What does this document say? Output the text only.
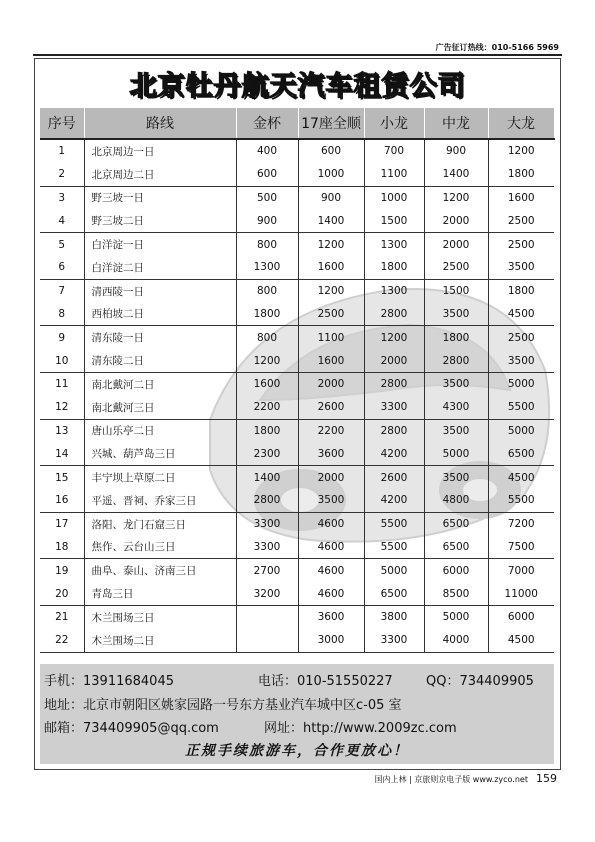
广告征订热线：010-5166 5969
北京牡丹航天汽车租赁公司
序号	路线	金杯	17座全顺	小龙	中龙	大龙
1	北京周边一日	400	600	700	900	1200
2	北京周边二日	600	1000	1100	1400	1800
3	野三坡一日	500	900	1000	1200	1600
4	野三坡二日	900	1400	1500	2000	2500
5	白洋淀一日	800	1200	1300	2000	2500
6	白洋淀二日	1300	1600	1800	2500	3500
7	清西陵一日	800	1200	1300	1500	1800
8	西柏坡二日	1800	2500	2800	3500	4500
9	清东陵一日	800	1100	1200	1800	2500
10	清东陵二日	1200	1600	2000	2800	3500
11	南北戴河二日	1600	2000	2800	3500	5000
12	南北戴河三日	2200	2600	3300	4300	5500
13	唐山乐亭二日	1800	2200	2800	3500	5000
14	兴城、葫芦岛三日	2300	3600	4200	5000	6500
15	丰宁坝上草原二日	1400	2000	2600	3500	4500
16	平遥、晋祠、乔家三日	2800	3500	4200	4800	5500
17	洛阳、龙门石窟三日	3300	4600	5500	6500	7200
18	焦作、云台山三日	3300	4600	5500	6500	7500
19	曲阜、泰山、济南三日	2700	4600	5000	6000	7000
20	青岛三日	3200	4600	6500	8500	11000
21	木兰围场三日		3600	3800	5000	6000
22	木兰围场二日		3000	3300	4000	4500
手机：13911684045	电话：010-51550227	QQ：734409905
地址：北京市朝阳区姚家园路一号东方基业汽车城中区c-05 室
邮箱：734409905@qq.com	网址：http://www.2009zc.com
正规手续旅游车，合作更放心！
国内上林 | 京旅则京电子版 www.zyco.net 159
